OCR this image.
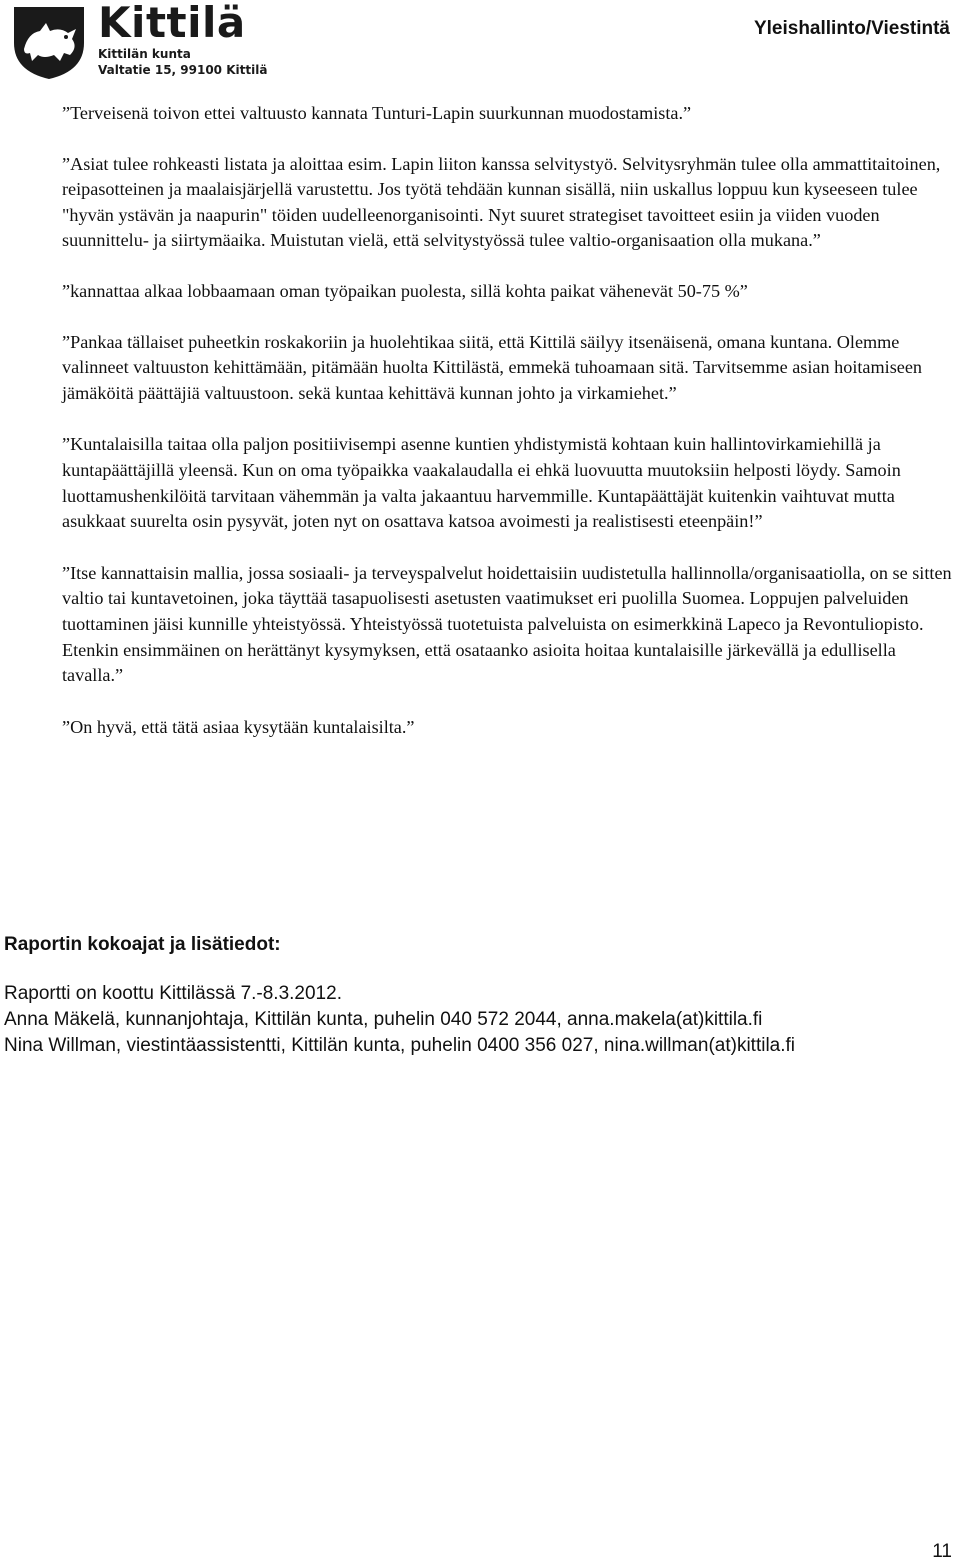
Kittilä
Kittilän kunta
Valtatie 15, 99100 Kittilä
Yleishallinto/Viestintä

”Terveisenä toivon ettei valtuusto kannata Tunturi-Lapin suurkunnan muodostamista.”

”Asiat tulee rohkeasti listata ja aloittaa esim. Lapin liiton kanssa selvitystyö. Selvitysryhmän tulee olla ammattitaitoinen, reipasotteinen ja maalaisjärjellä varustettu. Jos työtä tehdään kunnan sisällä, niin uskallus loppuu kun kyseeseen tulee "hyvän ystävän ja naapurin" töiden uudelleenorganisointi. Nyt suuret strategiset tavoitteet esiin ja viiden vuoden suunnittelu- ja siirtymäaika. Muistutan vielä, että selvitystyössä tulee valtio-organisaation olla mukana.”

”kannattaa alkaa lobbaamaan oman työpaikan puolesta, sillä kohta paikat vähenevät 50-75 %”

”Pankaa tällaiset puheetkin roskakoriin ja huolehtikaa siitä, että Kittilä säilyy itsenäisenä, omana kuntana. Olemme valinneet valtuuston kehittämään, pitämään huolta Kittilästä, emmekä tuhoamaan sitä. Tarvitsemme asian hoitamiseen jämäköitä päättäjiä valtuustoon. sekä kuntaa kehittävä kunnan johto ja virkamiehet.”

”Kuntalaisilla taitaa olla paljon positiivisempi asenne kuntien yhdistymistä kohtaan kuin hallintovirkamiehillä ja kuntapäättäjillä yleensä. Kun on oma työpaikka vaakalaudalla ei ehkä luovuutta muutoksiin helposti löydy. Samoin luottamushenkilöitä tarvitaan vähemmän ja valta jakaantuu harvemmille. Kuntapäättäjät kuitenkin vaihtuvat mutta asukkaat suurelta osin pysyvät, joten nyt on osattava katsoa avoimesti ja realistisesti eteenpäin!”

”Itse kannattaisin mallia, jossa sosiaali- ja terveyspalvelut hoidettaisiin uudistetulla hallinnolla/organisaatiolla, on se sitten valtio tai kuntavetoinen, joka täyttää tasapuolisesti asetusten vaatimukset eri puolilla Suomea. Loppujen palveluiden tuottaminen jäisi kunnille yhteistyössä. Yhteistyössä tuotetuista palveluista on esimerkkinä Lapeco ja Revontuliopisto. Etenkin ensimmäinen on herättänyt kysymyksen, että osataanko asioita hoitaa kuntalaisille järkevällä ja edullisella tavalla.”

”On hyvä, että tätä asiaa kysytään kuntalaisilta.”

Raportin kokoajat ja lisätiedot:

Raportti on koottu Kittilässä 7.-8.3.2012.

Anna Mäkelä, kunnanjohtaja, Kittilän kunta, puhelin 040 572 2044, anna.makela(at)kittila.fi

Nina Willman, viestintäassistentti, Kittilän kunta, puhelin 0400 356 027, nina.willman(at)kittila.fi

11
